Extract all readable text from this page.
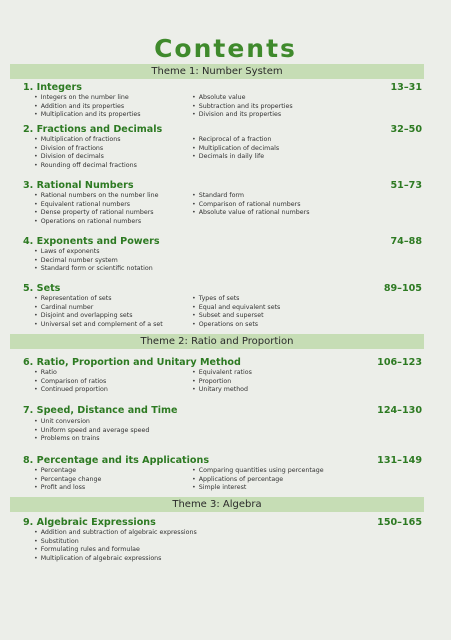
Contents
Theme 1: Number System
Theme 2: Ratio and Proportion
Theme 3: Algebra
1. Integers	13–31
• Integers on the number line
• Addition and its properties
• Multiplication and its properties
• Absolute value
• Subtraction and its properties
• Division and its properties
2. Fractions and Decimals	32–50
• Multiplication of fractions
• Division of fractions
• Division of decimals
• Rounding off decimal fractions
• Reciprocal of a fraction
• Multiplication of decimals
• Decimals in daily life
3. Rational Numbers	51–73
• Rational numbers on the number line
• Equivalent rational numbers
• Dense property of rational numbers
• Operations on rational numbers
• Standard form
• Comparison of rational numbers
• Absolute value of rational numbers
4. Exponents and Powers	74–88
• Laws of exponents
• Decimal number system
• Standard form or scientific notation
5. Sets	89–105
• Representation of sets
• Cardinal number
• Disjoint and overlapping sets
• Universal set and complement of a set
• Types of sets
• Equal and equivalent sets
• Subset and superset
• Operations on sets
6. Ratio, Proportion and Unitary Method	106–123
• Ratio
• Comparison of ratios
• Continued proportion
• Equivalent ratios
• Proportion
• Unitary method
7. Speed, Distance and Time	124–130
• Unit conversion
• Uniform speed and average speed
• Problems on trains
8. Percentage and its Applications	131–149
• Percentage
• Percentage change
• Profit and loss
• Comparing quantities using percentage
• Applications of percentage
• Simple interest
9. Algebraic Expressions	150–165
• Addition and subtraction of algebraic expressions
• Substitution
• Formulating rules and formulae
• Multiplication of algebraic expressions
